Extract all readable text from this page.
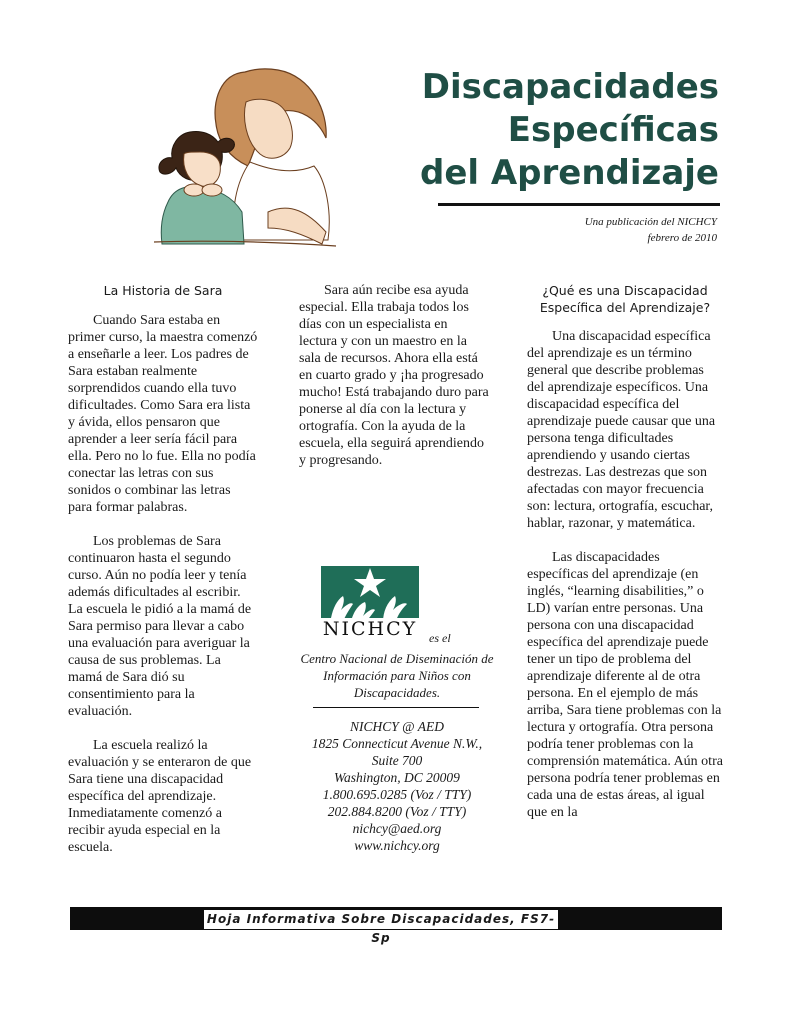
Discapacidades
Específicas
del Aprendizaje
Una publicación del NICHCY
febrero de 2010
La Historia de Sara

Cuando Sara estaba en primer curso, la maestra comenzó a enseñarle a leer. Los padres de Sara estaban realmente sorprendidos cuando ella tuvo dificultades. Como Sara era lista y ávida, ellos pensaron que aprender a leer sería fácil para ella. Pero no lo fue. Ella no podía conectar las letras con sus sonidos o combinar las letras para formar palabras.

Los problemas de Sara continuaron hasta el segundo curso. Aún no podía leer y tenía además dificultades al escribir. La escuela le pidió a la mamá de Sara permiso para llevar a cabo una evaluación para averiguar la causa de sus problemas. La mamá de Sara dió su consentimiento para la evaluación.

La escuela realizó la evaluación y se enteraron de que Sara tiene una discapacidad específica del aprendizaje. Inmediatamente comenzó a recibir ayuda especial en la escuela.

Sara aún recibe esa ayuda especial. Ella trabaja todos los días con un especialista en lectura y con un maestro en la sala de recursos. Ahora ella está en cuarto grado y ¡ha progresado mucho! Está trabajando duro para ponerse al día con la lectura y ortografía. Con la ayuda de la escuela, ella seguirá aprendiendo y progresando.

NICHCY es el
Centro Nacional de Diseminación de Información para Niños con Discapacidades.
NICHCY @ AED
1825 Connecticut Avenue N.W.,
Suite 700
Washington, DC 20009
1.800.695.0285 (Voz / TTY)
202.884.8200 (Voz / TTY)
nichcy@aed.org
www.nichcy.org
¿Qué es una Discapacidad Específica del Aprendizaje?

Una discapacidad específica del aprendizaje es un término general que describe problemas del aprendizaje específicos. Una discapacidad específica del aprendizaje puede causar que una persona tenga dificultades aprendiendo y usando ciertas destrezas. Las destrezas que son afectadas con mayor frecuencia son: lectura, ortografía, escuchar, hablar, razonar, y matemática.

Las discapacidades específicas del aprendizaje (en inglés, “learning disabilities,” o LD) varían entre personas. Una persona con una discapacidad específica del aprendizaje puede tener un tipo de problema del aprendizaje diferente al de otra persona. En el ejemplo de más arriba, Sara tiene problemas con la lectura y ortografía. Otra persona podría tener problemas con la comprensión matemática. Aún otra persona podría tener problemas en cada una de estas áreas, al igual que en la

Hoja Informativa Sobre Discapacidades, FS7-Sp
